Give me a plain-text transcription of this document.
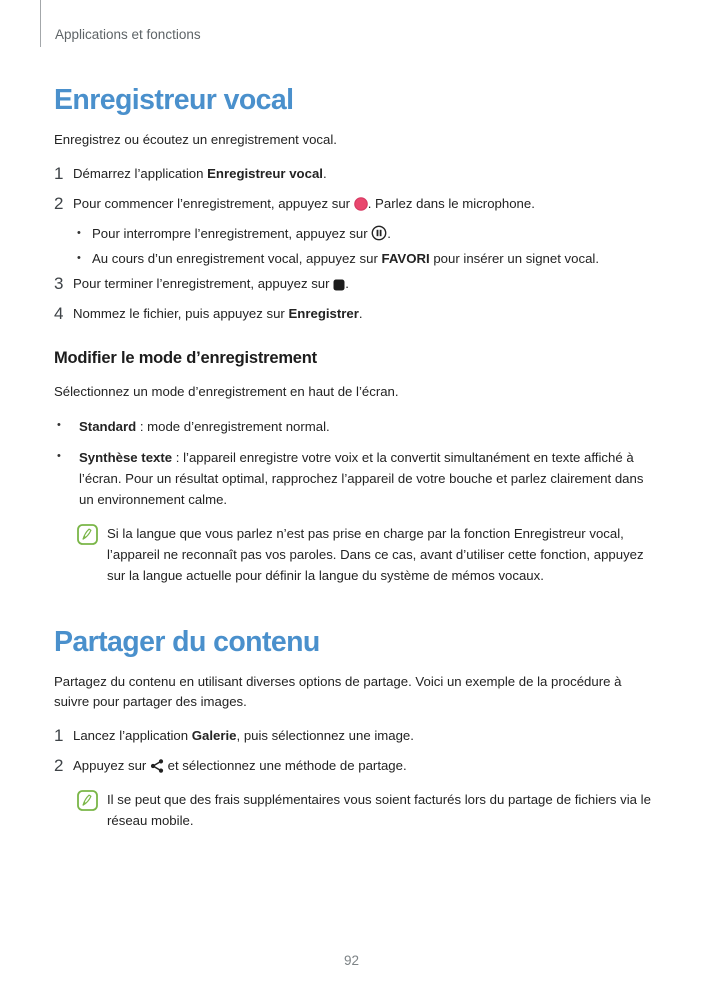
Applications et fonctions
Enregistreur vocal
Enregistrez ou écoutez un enregistrement vocal.
1 Démarrez l’application Enregistreur vocal.
2 Pour commencer l’enregistrement, appuyez sur . Parlez dans le microphone.
• Pour interrompre l’enregistrement, appuyez sur .
• Au cours d’un enregistrement vocal, appuyez sur FAVORI pour insérer un signet vocal.
3 Pour terminer l’enregistrement, appuyez sur .
4 Nommez le fichier, puis appuyez sur Enregistrer.
Modifier le mode d’enregistrement
Sélectionnez un mode d’enregistrement en haut de l’écran.
•	Standard : mode d’enregistrement normal.
•	Synthèse texte : l’appareil enregistre votre voix et la convertit simultanément en texte affiché à l’écran. Pour un résultat optimal, rapprochez l’appareil de votre bouche et parlez clairement dans un environnement calme.
Si la langue que vous parlez n’est pas prise en charge par la fonction Enregistreur vocal, l’appareil ne reconnaît pas vos paroles. Dans ce cas, avant d’utiliser cette fonction, appuyez sur la langue actuelle pour définir la langue du système de mémos vocaux.
Partager du contenu
Partagez du contenu en utilisant diverses options de partage. Voici un exemple de la procédure à suivre pour partager des images.
1 Lancez l’application Galerie, puis sélectionnez une image.
2 Appuyez sur  et sélectionnez une méthode de partage.
Il se peut que des frais supplémentaires vous soient facturés lors du partage de fichiers via le réseau mobile.
92
